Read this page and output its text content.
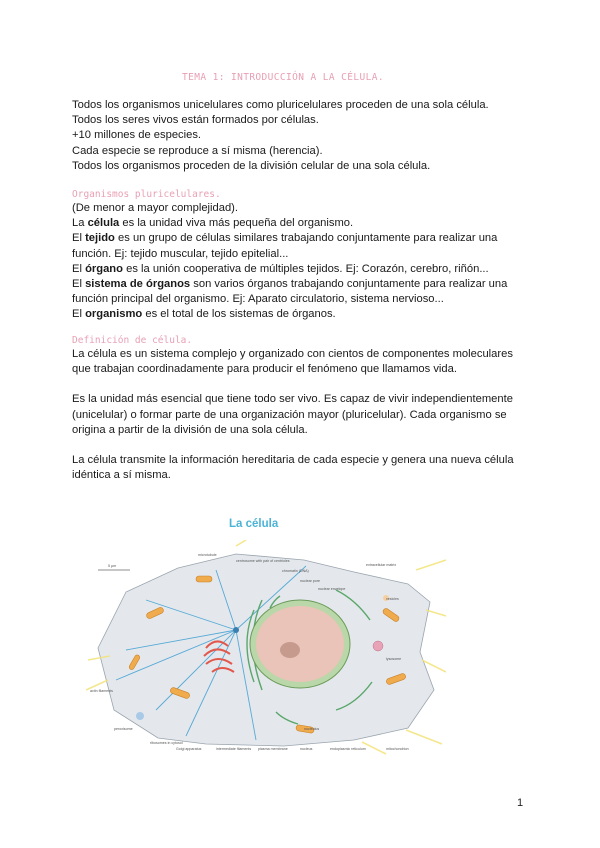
TEMA 1: INTRODUCCIÓN A LA CÉLULA.

Todos los organismos unicelulares como pluricelulares proceden de una sola célula.

Todos los seres vivos están formados por células.

+10 millones de especies.

Cada especie se reproduce a sí misma (herencia).

Todos los organismos proceden de la división celular de una sola célula.

Organismos pluricelulares.

(De menor a mayor complejidad).

La célula es la unidad viva más pequeña del organismo.

El tejido es un grupo de células similares trabajando conjuntamente para realizar una función. Ej: tejido muscular, tejido epitelial...

El órgano es la unión cooperativa de múltiples tejidos. Ej: Corazón, cerebro, riñón...

El sistema de órganos son varios órganos trabajando conjuntamente para realizar una función principal del organismo. Ej: Aparato circulatorio, sistema nervioso...

El organismo es el total de los sistemas de órganos.

Definición de célula.

La célula es un sistema complejo y organizado con cientos de componentes moleculares que trabajan coordinadamente para producir el fenómeno que llamamos vida.

Es la unidad más esencial que tiene todo ser vivo. Es capaz de vivir independientemente (unicelular) o formar parte de una organización mayor (pluricelular). Cada organismo se origina a partir de la división de una sola célula.

La célula transmite la información hereditaria de cada especie y genera una nueva célula idéntica a sí misma.

La célula
5 μm
microtubule
centrosome with pair of centrioles
chromatin (DNA)
nuclear pore
nuclear envelope
extracellular matrix
vesicles
lysosome
actin filaments
peroxisome
ribosomes in cytosol
Golgi apparatus	intermediate filaments plasma membrane	nucleus	endoplasmic reticulum	mitochondrion
nucleolus
1
